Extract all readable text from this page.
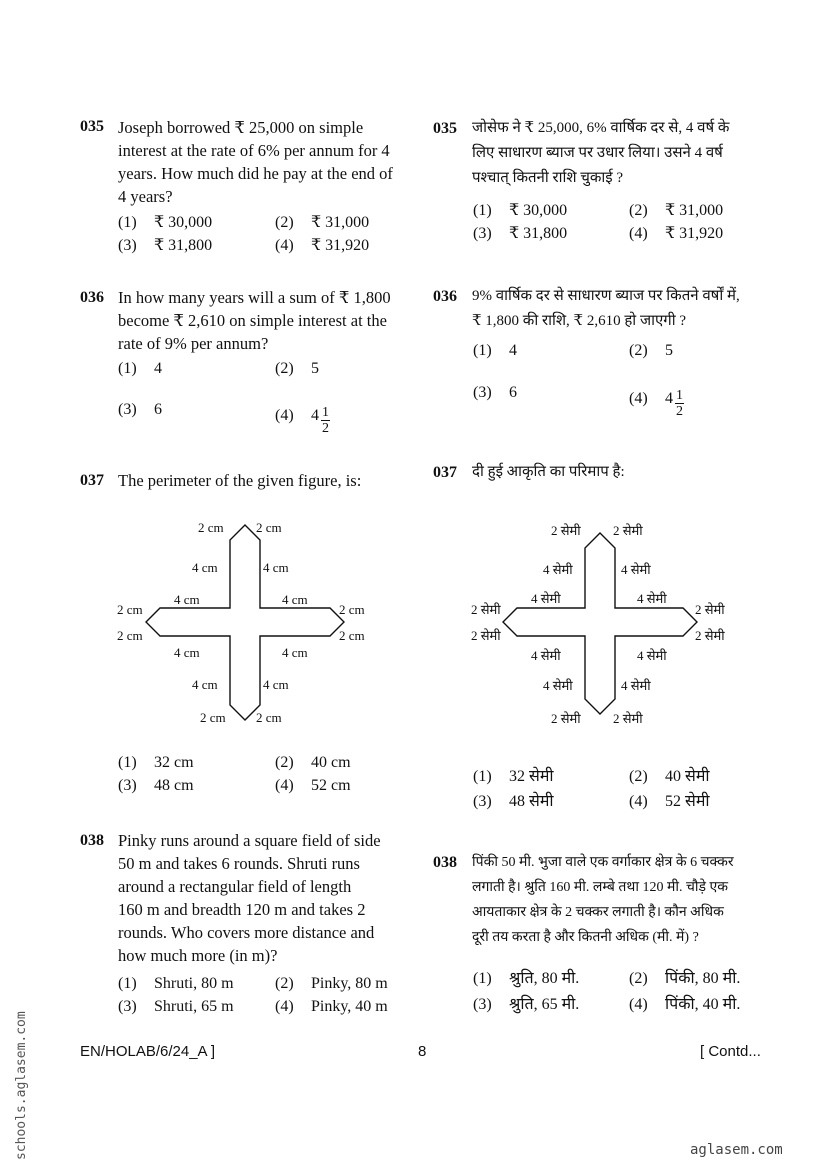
035 Joseph borrowed ₹ 25,000 on simple
interest at the rate of 6% per annum for 4
years. How much did he pay at the end of
4 years?
(1) ₹ 30,000	(2) ₹ 31,000
(3) ₹ 31,800	(4) ₹ 31,920
035 जोसेफ ने ₹ 25,000, 6% वार्षिक दर से, 4 वर्ष के
लिए साधारण ब्याज पर उधार लिया। उसने 4 वर्ष
पश्चात् कितनी राशि चुकाई ?
(1) ₹ 30,000	(2) ₹ 31,000
(3) ₹ 31,800	(4) ₹ 31,920
036 In how many years will a sum of ₹ 1,800
become ₹ 2,610 on simple interest at the
rate of 9% per annum?
(1) 4	(2) 5
(3) 6	(4) $4 \frac{1}{2}$
036 9% वार्षिक दर से साधारण ब्याज पर कितने वर्षों में,
₹ 1,800 की राशि, ₹ 2,610 हो जाएगी ?
(1) 4	(2) 5
(3) 6	(4) $4 \frac{1}{2}$
037 The perimeter of the given figure, is:	037 दी हुई आकृति का परिमाप है:
2 cm 2 cm
4 cm	4 cm
4 cm	4 cm
2 cm	2 cm
2 cm	2 cm
4 cm	4 cm
4 cm	4 cm
2 cm 2 cm
2 सेमी 2 सेमी
4 सेमी	4 सेमी
4 सेमी	4 सेमी
2 सेमी	2 सेमी
2 सेमी	2 सेमी
4 सेमी	4 सेमी
4 सेमी	4 सेमी
2 सेमी 2 सेमी
(1) 32 cm	(2) 40 cm
(3) 48 cm	(4) 52 cm
(1) 32 सेमी	(2) 40 सेमी
(3) 48 सेमी	(4) 52 सेमी
038 Pinky runs around a square field of side
50 m and takes 6 rounds. Shruti runs
around a rectangular field of length
160 m and breadth 120 m and takes 2
rounds. Who covers more distance and
how much more (in m)?
(1) Shruti, 80 m	(2) Pinky, 80 m
(3) Shruti, 65 m	(4) Pinky, 40 m
038 पिंकी 50 मी. भुजा वाले एक वर्गाकार क्षेत्र के 6 चक्कर
लगाती है। श्रुति 160 मी. लम्बे तथा 120 मी. चौड़े एक
आयताकार क्षेत्र के 2 चक्कर लगाती है। कौन अधिक
दूरी तय करता है और कितनी अधिक (मी. में) ?
(1) श्रुति, 80 मी.	(2) पिंकी, 80 मी.
(3) श्रुति, 65 मी.	(4) पिंकी, 40 मी.
EN/HOLAB/6/24_A ]	8	[ Contd...
schools.aglasem.com	aglasem.com
